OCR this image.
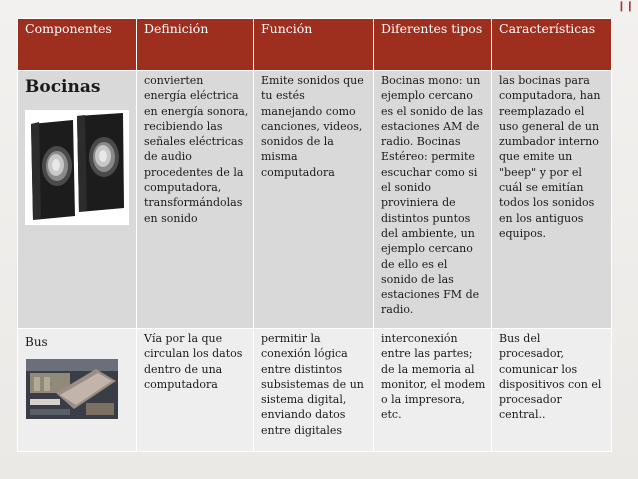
❙❙
Componentes	Definición	Función	Diferentes tipos	Características

Bocinas	convierten energía eléctrica en energía sonora, recibiendo las señales eléctricas de audio procedentes de la computadora, transformándolas en sonido	Emite sonidos que tu estés manejando como canciones, videos, sonidos de la misma computadora	Bocinas mono: un ejemplo cercano es el sonido de las estaciones AM de radio. Bocinas Estéreo: permite escuchar como si el sonido proviniera de distintos puntos del ambiente, un ejemplo cercano de ello es el sonido de las estaciones FM de radio.	las bocinas para computadora, han reemplazado el uso general de un zumbador interno que emite un "beep" y por el cuál se emitían todos los sonidos en los antiguos equipos.

Bus	Vía por la que circulan los datos dentro de una computadora	permitir la conexión lógica entre distintos subsistemas de un sistema digital, enviando datos entre digitales	interconexión entre las partes; de la memoria al monitor, el modem o la impresora, etc.	Bus del procesador, comunicar los dispositivos con el procesador central..
